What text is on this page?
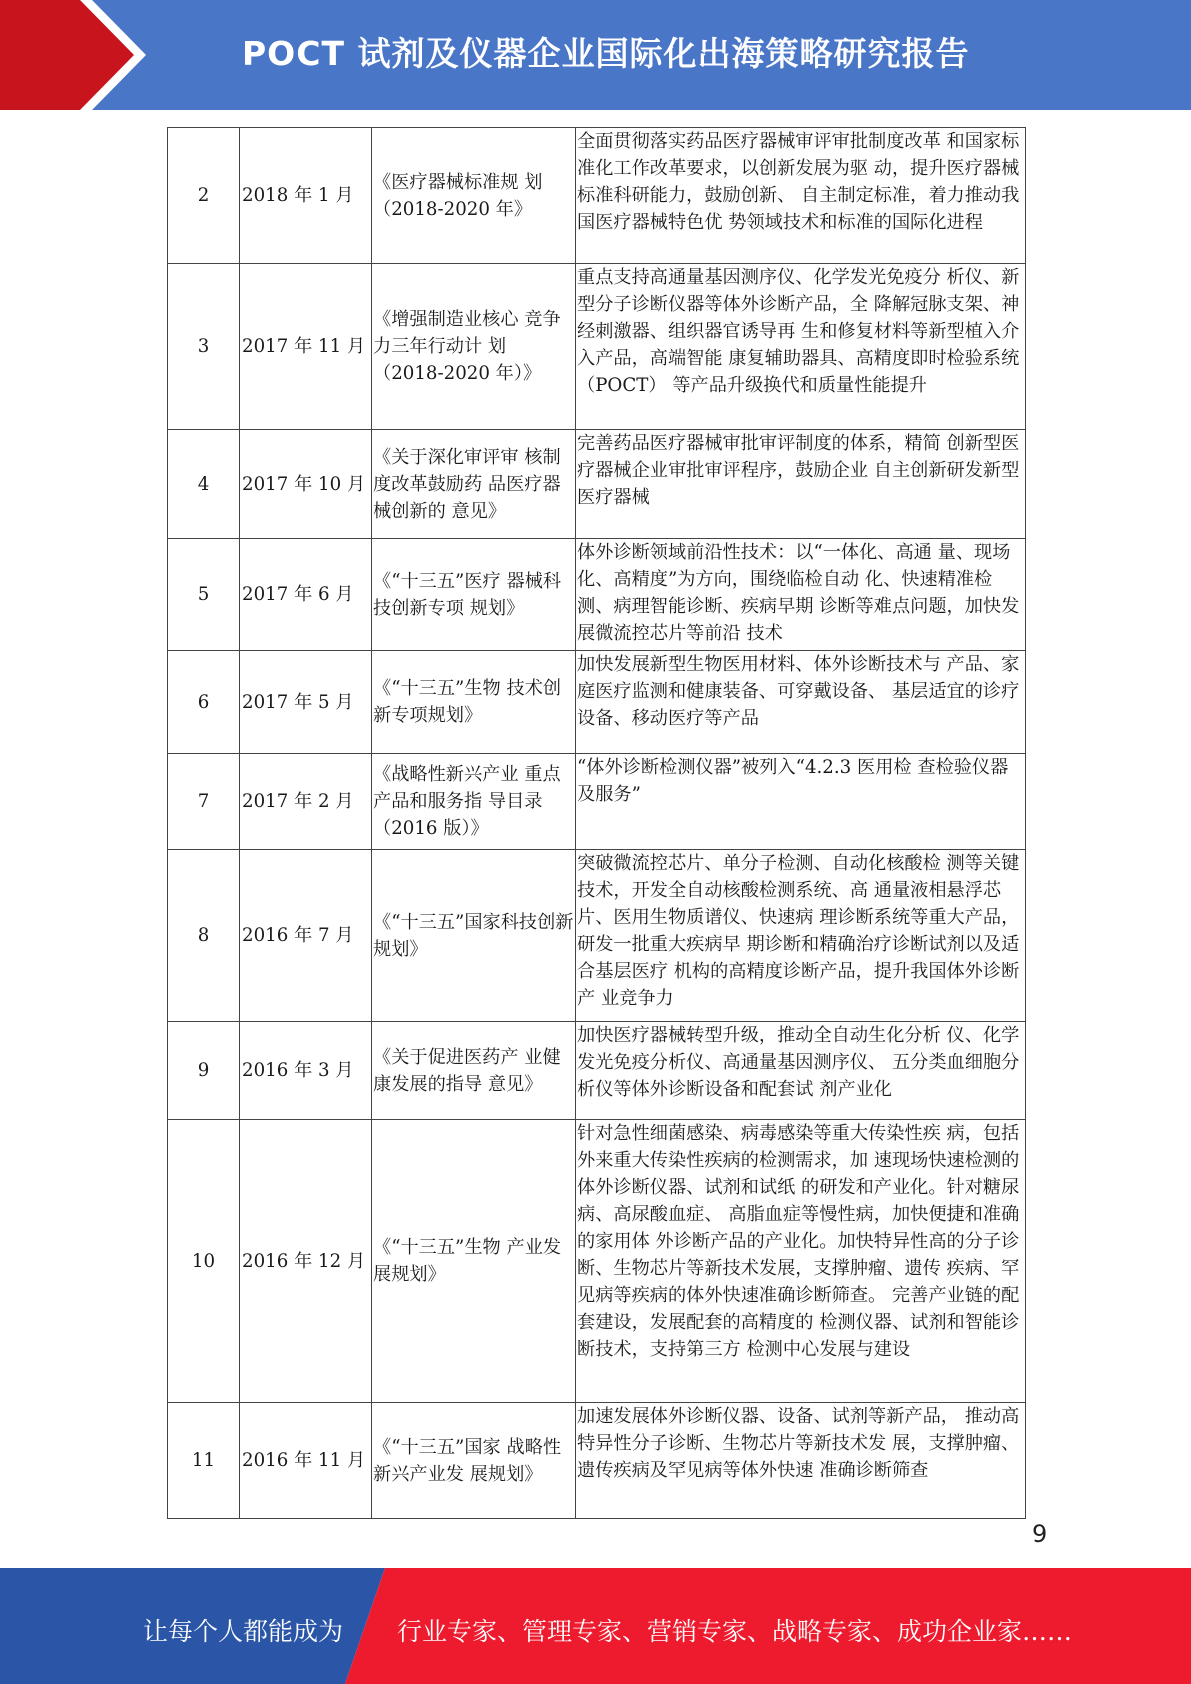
POCT 试剂及仪器企业国际化出海策略研究报告
2	2018 年 1 月	《医疗器械标准规 划（2018-2020 年》	全面贯彻落实药品医疗器械审评审批制度改革 和国家标准化工作改革要求，以创新发展为驱 动，提升医疗器械标准科研能力，鼓励创新、 自主制定标准，着力推动我国医疗器械特色优 势领域技术和标准的国际化进程

3	2017 年 11 月	《增强制造业核心 竞争力三年行动计 划（2018-2020 年）》	重点支持高通量基因测序仪、化学发光免疫分 析仪、新型分子诊断仪器等体外诊断产品，全 降解冠脉支架、神经刺激器、组织器官诱导再 生和修复材料等新型植入介入产品，高端智能 康复辅助器具、高精度即时检验系统（POCT） 等产品升级换代和质量性能提升

4	2017 年 10 月	《关于深化审评审 核制度改革鼓励药 品医疗器械创新的 意见》	完善药品医疗器械审批审评制度的体系，精简 创新型医疗器械企业审批审评程序，鼓励企业 自主创新研发新型医疗器械

5	2017 年 6 月	《“十三五”医疗 器械科技创新专项 规划》	体外诊断领域前沿性技术：以“一体化、高通 量、现场化、高精度”为方向，围绕临检自动 化、快速精准检测、病理智能诊断、疾病早期 诊断等难点问题，加快发展微流控芯片等前沿 技术

6	2017 年 5 月	《“十三五”生物 技术创新专项规划》	加快发展新型生物医用材料、体外诊断技术与 产品、家庭医疗监测和健康装备、可穿戴设备、 基层适宜的诊疗设备、移动医疗等产品

7	2017 年 2 月	《战略性新兴产业 重点产品和服务指 导目录（2016 版）》	“体外诊断检测仪器”被列入“4.2.3 医用检 查检验仪器及服务”

8	2016 年 7 月	《“十三五”国家科技创新规划》	突破微流控芯片、单分子检测、自动化核酸检 测等关键技术，开发全自动核酸检测系统、高 通量液相悬浮芯片、医用生物质谱仪、快速病 理诊断系统等重大产品，研发一批重大疾病早 期诊断和精确治疗诊断试剂以及适合基层医疗 机构的高精度诊断产品，提升我国体外诊断产 业竞争力

9	2016 年 3 月	《关于促进医药产 业健康发展的指导 意见》	加快医疗器械转型升级，推动全自动生化分析 仪、化学发光免疫分析仪、高通量基因测序仪、 五分类血细胞分析仪等体外诊断设备和配套试 剂产业化

10	2016 年 12 月	《“十三五”生物 产业发展规划》	针对急性细菌感染、病毒感染等重大传染性疾 病，包括外来重大传染性疾病的检测需求，加 速现场快速检测的体外诊断仪器、试剂和试纸 的研发和产业化。针对糖尿病、高尿酸血症、 高脂血症等慢性病，加快便捷和准确的家用体 外诊断产品的产业化。加快特异性高的分子诊 断、生物芯片等新技术发展，支撑肿瘤、遗传 疾病、罕见病等疾病的体外快速准确诊断筛查。 完善产业链的配套建设，发展配套的高精度的 检测仪器、试剂和智能诊断技术，支持第三方 检测中心发展与建设

11	2016 年 11 月	《“十三五”国家 战略性新兴产业发 展规划》	加速发展体外诊断仪器、设备、试剂等新产品， 推动高特异性分子诊断、生物芯片等新技术发 展，支撑肿瘤、遗传疾病及罕见病等体外快速 准确诊断筛查
9
让每个人都能成为 行业专家、管理专家、营销专家、战略专家、成功企业家……
